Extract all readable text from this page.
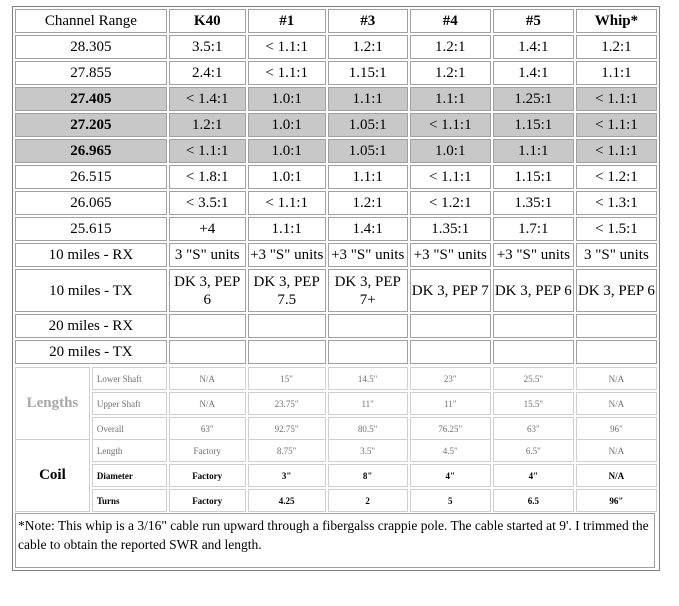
Channel Range	K40	#1	#3	#4	#5	Whip*
28.305	3.5:1	< 1.1:1	1.2:1	1.2:1	1.4:1	1.2:1
27.855	2.4:1	< 1.1:1	1.15:1	1.2:1	1.4:1	1.1:1
27.405	< 1.4:1	1.0:1	1.1:1	1.1:1	1.25:1	< 1.1:1
27.205	1.2:1	1.0:1	1.05:1	< 1.1:1	1.15:1	< 1.1:1
26.965	< 1.1:1	1.0:1	1.05:1	1.0:1	1.1:1	< 1.1:1
26.515	< 1.8:1	1.0:1	1.1:1	< 1.1:1	1.15:1	< 1.2:1
26.065	< 3.5:1	< 1.1:1	1.2:1	< 1.2:1	1.35:1	< 1.3:1
25.615	+4	1.1:1	1.4:1	1.35:1	1.7:1	< 1.5:1
10 miles - RX	3 "S" units	+3 "S" units	+3 "S" units	+3 "S" units	+3 "S" units	3 "S" units
10 miles - TX	DK 3, PEP 6	DK 3, PEP 7.5	DK 3, PEP 7+	DK 3, PEP 7	DK 3, PEP 6	DK 3, PEP 6
20 miles - RX						
20 miles - TX						
Lengths	Lower Shaft	N/A	15"	14.5"	23"	25.5"	N/A
	Upper Shaft	N/A	23.75"	11"	11"	15.5"	N/A
	Overall	63"	92.75"	80.5"	76.25"	63"	96"
Coil	Length	Factory	8.75"	3.5"	4.5"	6.5"	N/A
	Diameter	Factory	3"	8"	4"	4"	N/A
	Turns	Factory	4.25	2	5	6.5	96"
*Note: This whip is a 3/16" cable run upward through a fibergalss crappie pole. The cable started at 9'. I trimmed the cable to obtain the reported SWR and length.
